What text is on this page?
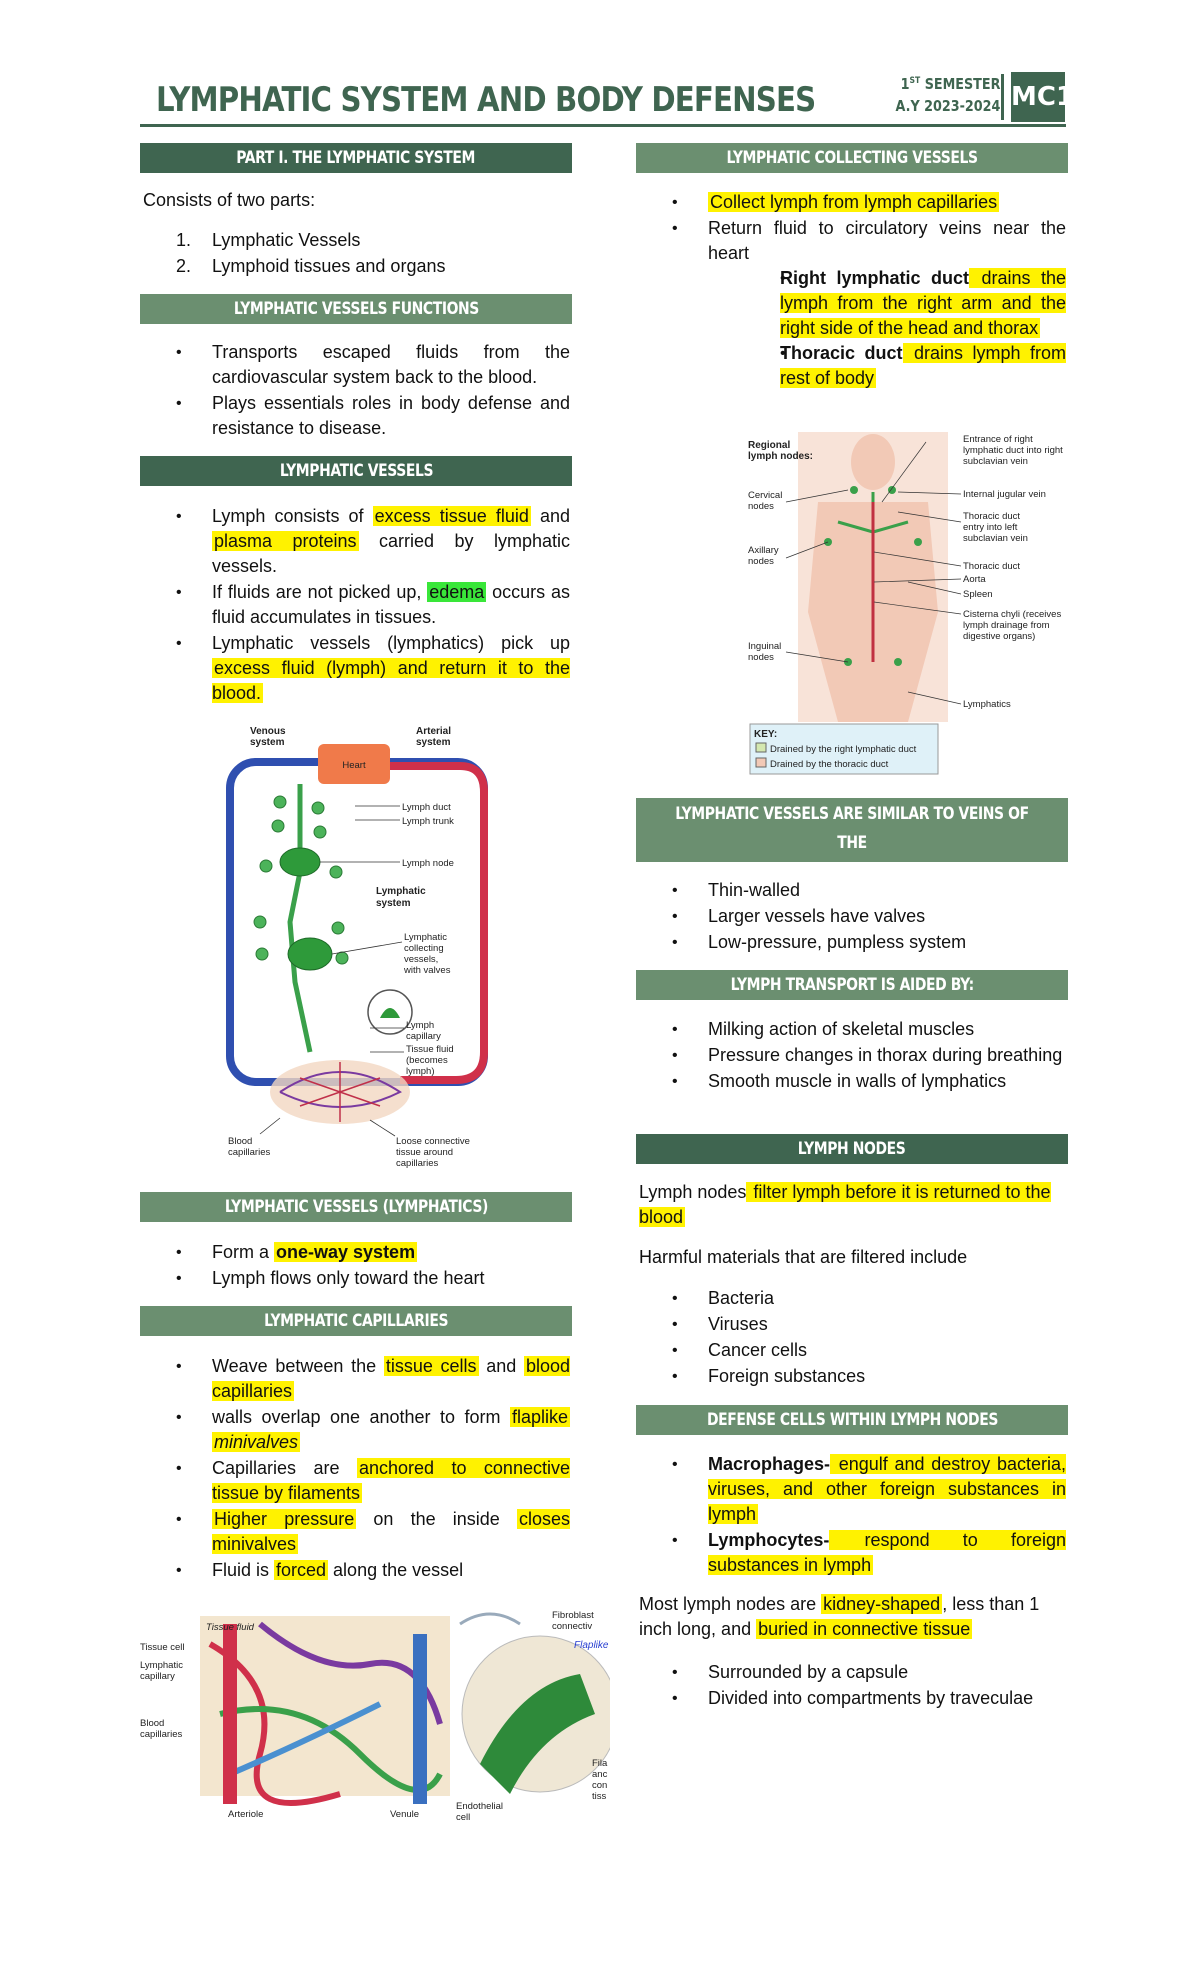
LYMPHATIC SYSTEM AND BODY DEFENSES	1ST SEMESTER
A.Y 2023-2024 MC1
PART I. THE LYMPHATIC SYSTEM
Consists of two parts:
1. Lymphatic Vessels
2. Lymphoid tissues and organs
LYMPHATIC VESSELS FUNCTIONS
• Transports escaped fluids from the cardiovascular system back to the blood.
• Plays essentials roles in body defense and resistance to disease.
LYMPHATIC VESSELS
• Lymph consists of excess tissue fluid and plasma proteins carried by lymphatic vessels.
• If fluids are not picked up, edema occurs as fluid accumulates in tissues.
• Lymphatic vessels (lymphatics) pick up excess fluid (lymph) and return it to the blood.
Heart
Venous
system
Arterial
system
Lymph duct
Lymph trunk
Lymph node
Lymphatic
system
Lymphatic
collecting
vessels,
with valves
Lymph
capillary
Tissue fluid
(becomes
lymph)
Blood
capillaries
Loose connective
tissue around
capillaries
LYMPHATIC VESSELS (LYMPHATICS)
• Form a one-way system
• Lymph flows only toward the heart
LYMPHATIC CAPILLARIES
• Weave between the tissue cells and blood capillaries
• walls overlap one another to form flaplike minivalves
• Capillaries are anchored to connective tissue by filaments
• Higher pressure on the inside closes minivalves
• Fluid is forced along the vessel
Tissue fluid
Tissue cell
Lymphatic
capillary
Blood
capillaries
Arteriole	Venule
Fibroblast
connectiv
Flaplike
Endothelial
cell
Fila
anc
con
tiss
LYMPHATIC COLLECTING VESSELS
• Collect lymph from lymph capillaries
• Return fluid to circulatory veins near the heart
• Right lymphatic duct drains the lymph from the right arm and the right side of the head and thorax
• Thoracic duct drains lymph from rest of body
Regional
lymph nodes:
Cervical
nodes
Axillary
nodes
Inguinal
nodes
Entrance of right
lymphatic duct into right
subclavian vein
Internal jugular vein
Thoracic duct
entry into left
subclavian vein
Thoracic duct
Aorta
Spleen
Cisterna chyli (receives
lymph drainage from
digestive organs)
Lymphatics
KEY:
Drained by the right lymphatic duct
Drained by the thoracic duct
LYMPHATIC VESSELS ARE SIMILAR TO VEINS OF THE
CARDIOVASCULAR SYSTEM.
• Thin-walled
• Larger vessels have valves
• Low-pressure, pumpless system
LYMPH TRANSPORT IS AIDED BY:
• Milking action of skeletal muscles
• Pressure changes in thorax during breathing
• Smooth muscle in walls of lymphatics
LYMPH NODES
Lymph nodes filter lymph before it is returned to the blood
Harmful materials that are filtered include
• Bacteria
• Viruses
• Cancer cells
• Foreign substances
DEFENSE CELLS WITHIN LYMPH NODES
• Macrophages- engulf and destroy bacteria, viruses, and other foreign substances in lymph
• Lymphocytes- respond to foreign substances in lymph
Most lymph nodes are kidney-shaped , less than 1 inch long, and buried in connective tissue
• Surrounded by a capsule
• Divided into compartments by traveculae
